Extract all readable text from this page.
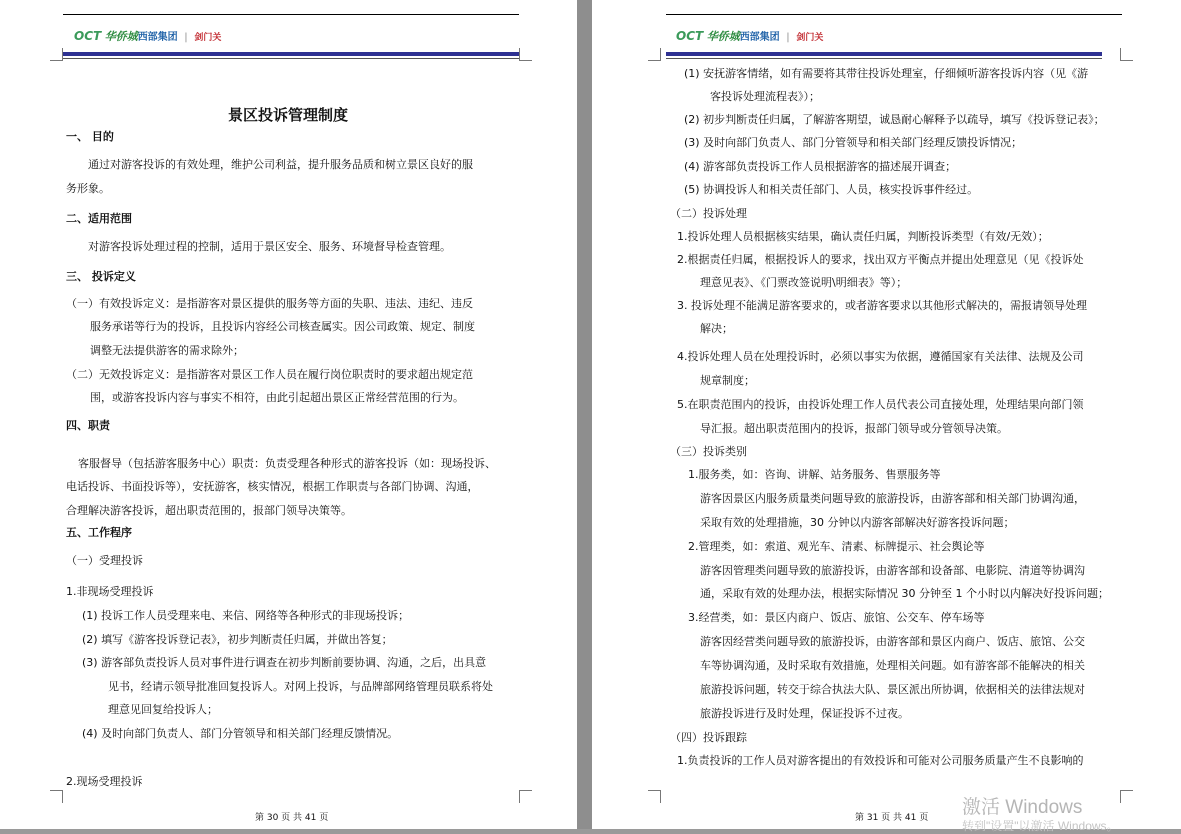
OCT 华侨城西部集团 | 剑门关
景区投诉管理制度
一、 目的
通过对游客投诉的有效处理，维护公司利益，提升服务品质和树立景区良好的服
务形象。
二、适用范围
对游客投诉处理过程的控制，适用于景区安全、服务、环境督导检查管理。
三、 投诉定义
（一）有效投诉定义：是指游客对景区提供的服务等方面的失职、违法、违纪、违反
服务承诺等行为的投诉，且投诉内容经公司核查属实。因公司政策、规定、制度
调整无法提供游客的需求除外；
（二）无效投诉定义：是指游客对景区工作人员在履行岗位职责时的要求超出规定范
围，或游客投诉内容与事实不相符，由此引起超出景区正常经营范围的行为。
四、职责
客服督导（包括游客服务中心）职责：负责受理各种形式的游客投诉（如：现场投诉、
电话投诉、书面投诉等），安抚游客，核实情况，根据工作职责与各部门协调、沟通，
合理解决游客投诉，超出职责范围的，报部门领导决策等。
五、工作程序
（一）受理投诉
1.非现场受理投诉
(1) 投诉工作人员受理来电、来信、网络等各种形式的非现场投诉；
(2) 填写《游客投诉登记表》，初步判断责任归属，并做出答复；
(3) 游客部负责投诉人员对事件进行调查在初步判断前要协调、沟通，之后，出具意
见书，经请示领导批准回复投诉人。对网上投诉，与品牌部网络管理员联系将处
理意见回复给投诉人；
(4) 及时向部门负责人、部门分管领导和相关部门经理反馈情况。
2.现场受理投诉
第 30 页 共 41 页
OCT 华侨城西部集团 | 剑门关
(1) 安抚游客情绪，如有需要将其带往投诉处理室，仔细倾听游客投诉内容（见《游
客投诉处理流程表》）；
(2) 初步判断责任归属，了解游客期望，诚恳耐心解释予以疏导，填写《投诉登记表》；
(3) 及时向部门负责人、部门分管领导和相关部门经理反馈投诉情况；
(4) 游客部负责投诉工作人员根据游客的描述展开调查；
(5) 协调投诉人和相关责任部门、人员，核实投诉事件经过。
（二）投诉处理
1.投诉处理人员根据核实结果，确认责任归属，判断投诉类型（有效/无效）；
2.根据责任归属，根据投诉人的要求，找出双方平衡点并提出处理意见（见《投诉处
理意见表》、《门票改签说明\明细表》等）；
3. 投诉处理不能满足游客要求的，或者游客要求以其他形式解决的，需报请领导处理
解决；
4.投诉处理人员在处理投诉时，必须以事实为依据，遵循国家有关法律、法规及公司
规章制度；
5.在职责范围内的投诉，由投诉处理工作人员代表公司直接处理，处理结果向部门领
导汇报。超出职责范围内的投诉，报部门领导或分管领导决策。
（三）投诉类别
1.服务类，如：咨询、讲解、站务服务、售票服务等
游客因景区内服务质量类问题导致的旅游投诉，由游客部和相关部门协调沟通，
采取有效的处理措施，30 分钟以内游客部解决好游客投诉问题；
2.管理类，如：索道、观光车、清素、标牌提示、社会舆论等
游客因管理类问题导致的旅游投诉，由游客部和设备部、电影院、清道等协调沟
通，采取有效的处理办法，根据实际情况 30 分钟至 1 个小时以内解决好投诉问题；
3.经营类，如：景区内商户、饭店、旅馆、公交车、停车场等
游客因经营类问题导致的旅游投诉，由游客部和景区内商户、饭店、旅馆、公交
车等协调沟通，及时采取有效措施，处理相关问题。如有游客部不能解决的相关
旅游投诉问题，转交于综合执法大队、景区派出所协调，依据相关的法律法规对
旅游投诉进行及时处理，保证投诉不过夜。
（四）投诉跟踪
1.负责投诉的工作人员对游客提出的有效投诉和可能对公司服务质量产生不良影响的
第 31 页 共 41 页 激活 Windows
转到"设置"以激活 Windows。
